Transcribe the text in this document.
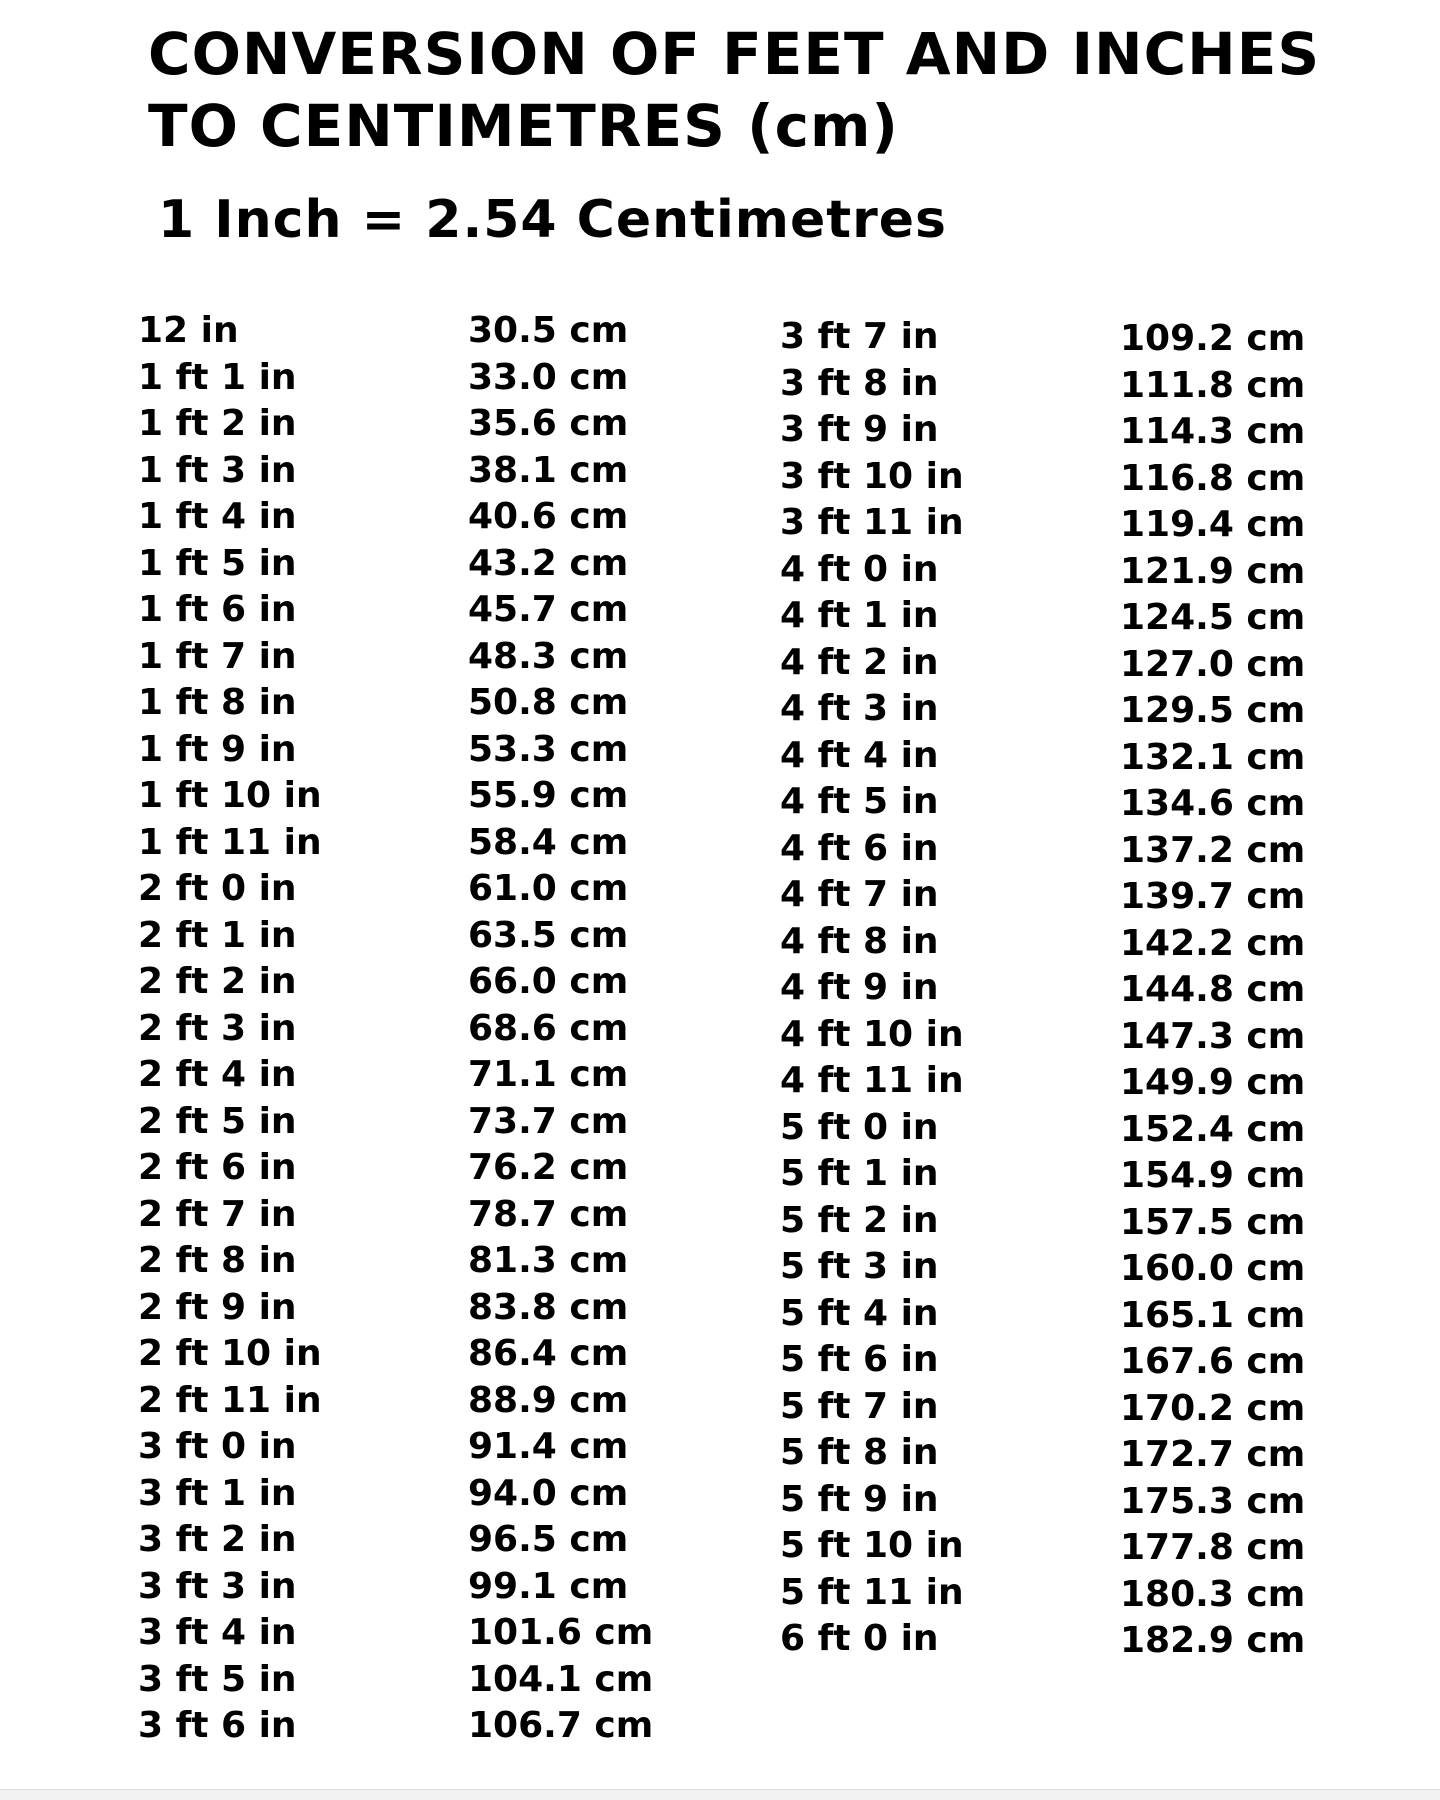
CONVERSION OF FEET AND INCHES TO CENTIMETRES (cm)

1 Inch = 2.54 Centimetres

12 in
1 ft 1 in
1 ft 2 in
1 ft 3 in
1 ft 4 in
1 ft 5 in
1 ft 6 in
1 ft 7 in
1 ft 8 in
1 ft 9 in
1 ft 10 in
1 ft 11 in
2 ft 0 in
2 ft 1 in
2 ft 2 in
2 ft 3 in
2 ft 4 in
2 ft 5 in
2 ft 6 in
2 ft 7 in
2 ft 8 in
2 ft 9 in
2 ft 10 in
2 ft 11 in
3 ft 0 in
3 ft 1 in
3 ft 2 in
3 ft 3 in
3 ft 4 in
3 ft 5 in
3 ft 6 in
30.5 cm
33.0 cm
35.6 cm
38.1 cm
40.6 cm
43.2 cm
45.7 cm
48.3 cm
50.8 cm
53.3 cm
55.9 cm
58.4 cm
61.0 cm
63.5 cm
66.0 cm
68.6 cm
71.1 cm
73.7 cm
76.2 cm
78.7 cm
81.3 cm
83.8 cm
86.4 cm
88.9 cm
91.4 cm
94.0 cm
96.5 cm
99.1 cm
101.6 cm
104.1 cm
106.7 cm
3 ft 7 in
3 ft 8 in
3 ft 9 in
3 ft 10 in
3 ft 11 in
4 ft 0 in
4 ft 1 in
4 ft 2 in
4 ft 3 in
4 ft 4 in
4 ft 5 in
4 ft 6 in
4 ft 7 in
4 ft 8 in
4 ft 9 in
4 ft 10 in
4 ft 11 in
5 ft 0 in
5 ft 1 in
5 ft 2 in
5 ft 3 in
5 ft 4 in
5 ft 6 in
5 ft 7 in
5 ft 8 in
5 ft 9 in
5 ft 10 in
5 ft 11 in
6 ft 0 in
109.2 cm
111.8 cm
114.3 cm
116.8 cm
119.4 cm
121.9 cm
124.5 cm
127.0 cm
129.5 cm
132.1 cm
134.6 cm
137.2 cm
139.7 cm
142.2 cm
144.8 cm
147.3 cm
149.9 cm
152.4 cm
154.9 cm
157.5 cm
160.0 cm
165.1 cm
167.6 cm
170.2 cm
172.7 cm
175.3 cm
177.8 cm
180.3 cm
182.9 cm
